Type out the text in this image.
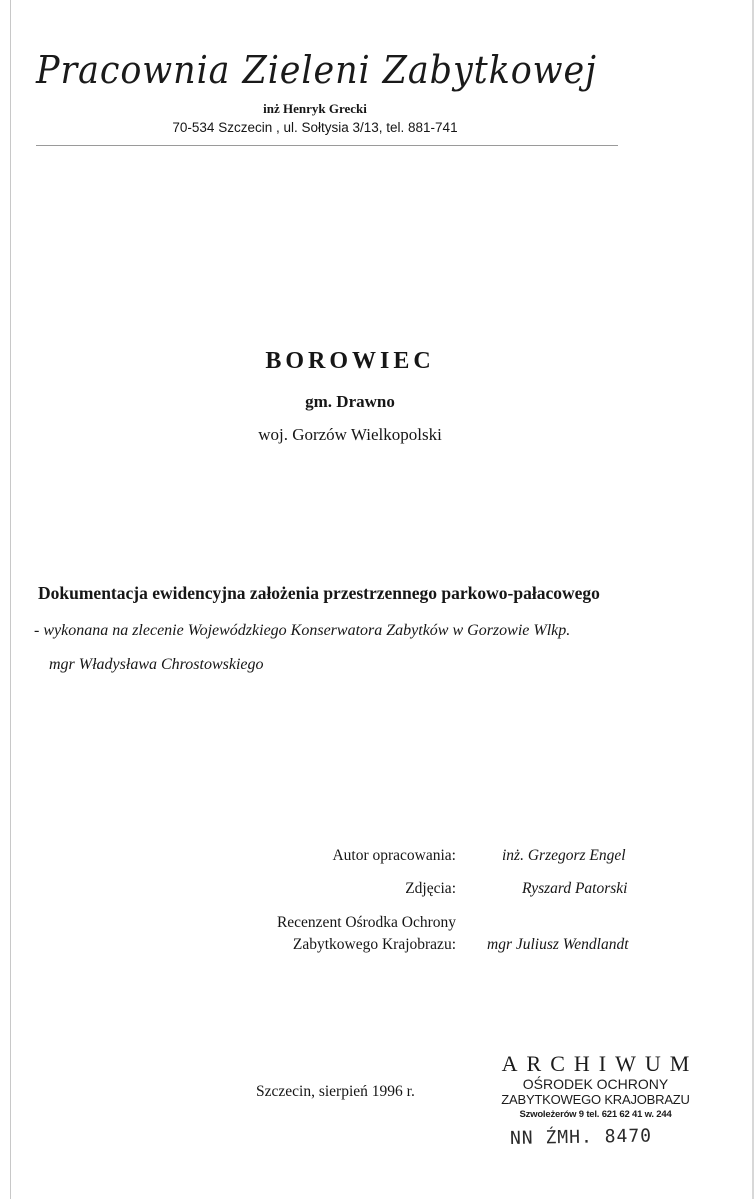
Pracownia Zieleni Zabytkowej
inż Henryk Grecki
70-534 Szczecin , ul. Sołtysia 3/13, tel. 881-741
BOROWIEC
gm. Drawno
woj. Gorzów Wielkopolski
Dokumentacja ewidencyjna założenia przestrzennego parkowo-pałacowego
- wykonana na zlecenie Wojewódzkiego Konserwatora Zabytków w Gorzowie Wlkp.
mgr Władysława Chrostowskiego
Autor opracowania:	inż. Grzegorz Engel
Zdjęcia:	Ryszard Patorski
Recenzent Ośrodka Ochrony
Zabytkowego Krajobrazu: mgr Juliusz Wendlandt
Szczecin, sierpień 1996 r.
ARCHIWUM
OŚRODEK OCHRONY
ZABYTKOWEGO KRAJOBRAZU
Szwoleżerów 9 tel. 621 62 41 w. 244
NN ŹMH. 8470
